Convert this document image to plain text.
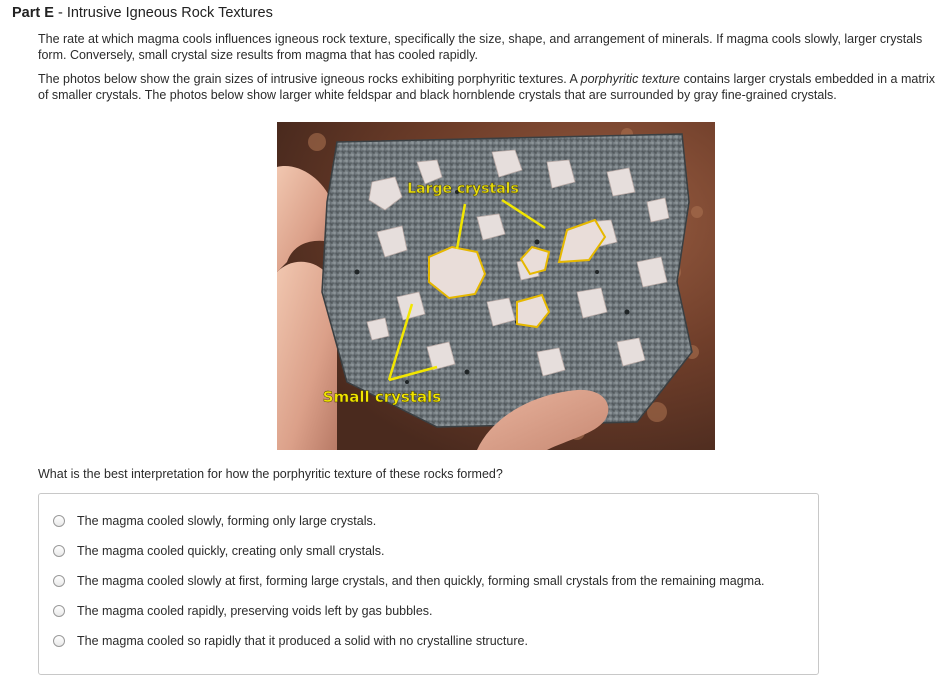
Part E - Intrusive Igneous Rock Textures

The rate at which magma cools influences igneous rock texture, specifically the size, shape, and arrangement of minerals. If magma cools slowly, larger crystals form. Conversely, small crystal size results from magma that has cooled rapidly.

The photos below show the grain sizes of intrusive igneous rocks exhibiting porphyritic textures. A porphyritic texture contains larger crystals embedded in a matrix of smaller crystals. The photos below show larger white feldspar and black hornblende crystals that are surrounded by gray fine-grained crystals.

Large crystals
Small crystals
What is the best interpretation for how the porphyritic texture of these rocks formed?
The magma cooled slowly, forming only large crystals.
The magma cooled quickly, creating only small crystals.
The magma cooled slowly at first, forming large crystals, and then quickly, forming small crystals from the remaining magma.
The magma cooled rapidly, preserving voids left by gas bubbles.
The magma cooled so rapidly that it produced a solid with no crystalline structure.
